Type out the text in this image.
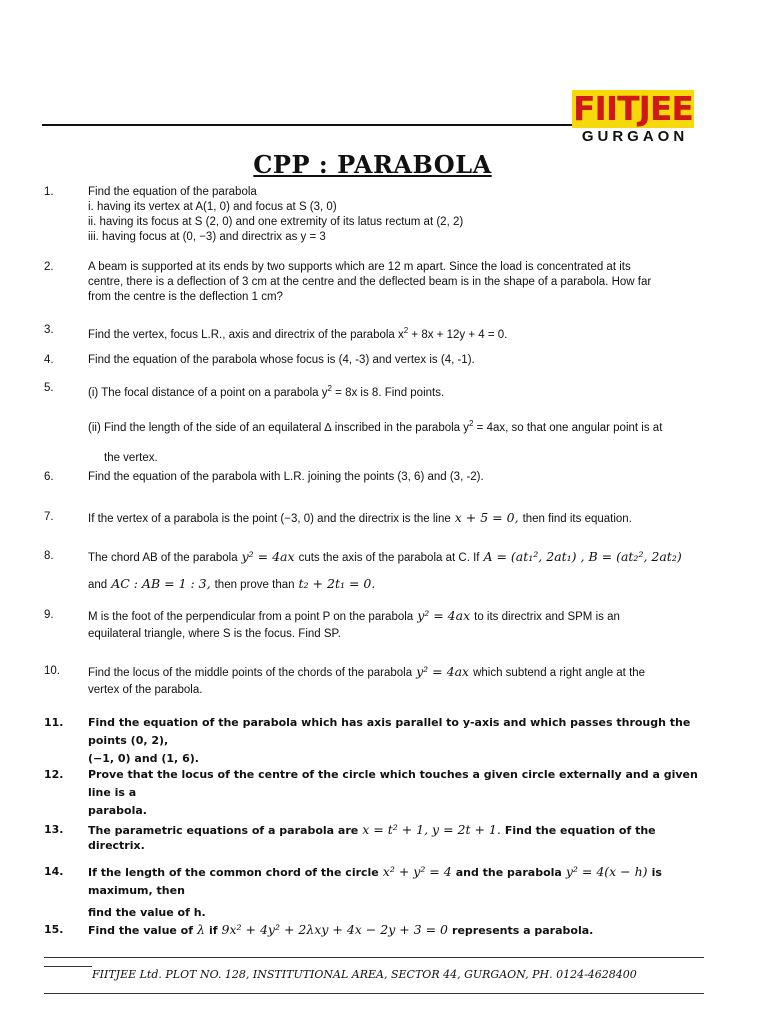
FIITJEE
GURGAON
CPP : PARABOLA
1.	Find the equation of the parabola
i. having its vertex at A(1, 0) and focus at S (3, 0)
ii. having its focus at S (2, 0) and one extremity of its latus rectum at (2, 2)
iii. having focus at (0, −3) and directrix as y = 3
2.	A beam is supported at its ends by two supports which are 12 m apart. Since the load is concentrated at its
centre, there is a deflection of 3 cm at the centre and the deflected beam is in the shape of a parabola. How far
from the centre is the deflection 1 cm?
3.	Find the vertex, focus L.R., axis and directrix of the parabola $x^2 + 8x + 12y + 4 = 0$.
4.	Find the equation of the parabola whose focus is (4, -3) and vertex is (4, -1).
5.	(i) The focal distance of a point on a parabola $y^2 = 8x$ is 8. Find points.
(ii) Find the length of the side of an equilateral ∆ inscribed in the parabola $y^2 = 4ax$, so that one angular point is at
the vertex.
6.	Find the equation of the parabola with L.R. joining the points (3, 6) and (3, -2).
7.	If the vertex of a parabola is the point (−3, 0) and the directrix is the line x + 5 = 0, then find its equation.
8.	The chord AB of the parabola y² = 4ax cuts the axis of the parabola at C. If A = (at₁², 2at₁) , B = (at₂², 2at₂)
and AC : AB = 1 : 3, then prove than t₂ + 2t₁ = 0.
9.	M is the foot of the perpendicular from a point P on the parabola y² = 4ax to its directrix and SPM is an
equilateral triangle, where S is the focus. Find SP.
10. Find the locus of the middle points of the chords of the parabola y² = 4ax which subtend a right angle at the
vertex of the parabola.
11. Find the equation of the parabola which has axis parallel to y-axis and which passes through the points (0, 2),
(−1, 0) and (1, 6).
12. Prove that the locus of the centre of the circle which touches a given circle externally and a given line is a
parabola.
13. The parametric equations of a parabola are x = t² + 1, y = 2t + 1. Find the equation of the directrix.
14. If the length of the common chord of the circle x² + y² = 4 and the parabola y² = 4(x − h) is maximum, then
find the value of h.
15. Find the value of λ if 9x² + 4y² + 2λxy + 4x − 2y + 3 = 0 represents a parabola.
FIITJEE Ltd. PLOT NO. 128, INSTITUTIONAL AREA, SECTOR 44, GURGAON, PH. 0124-4628400
